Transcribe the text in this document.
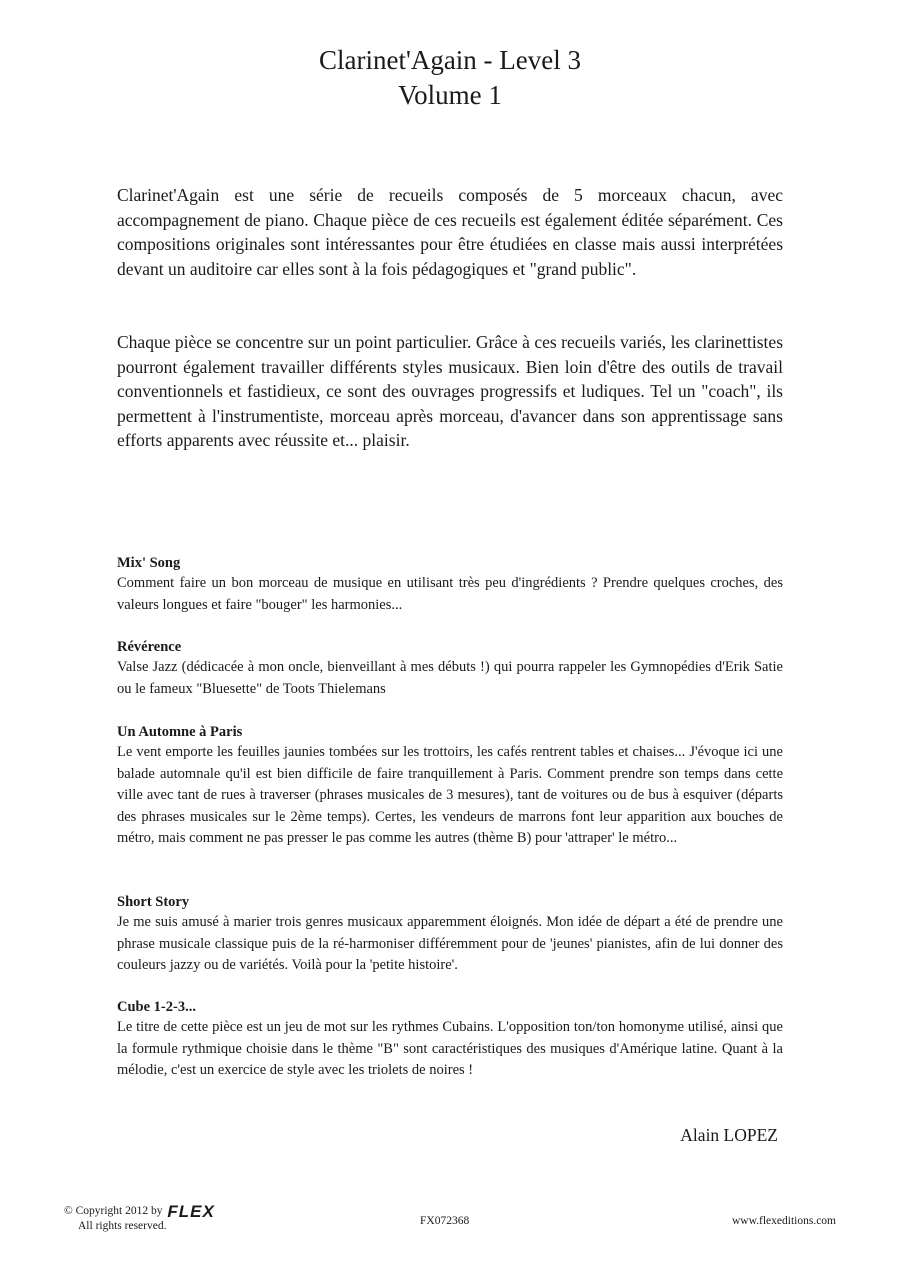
Clarinet'Again - Level 3
Volume 1

Clarinet'Again est une série de recueils composés de 5 morceaux chacun, avec accompagnement de piano. Chaque pièce de ces recueils est également éditée séparément. Ces compositions originales sont intéressantes pour être étudiées en classe mais aussi interprétées devant un auditoire car elles sont à la fois pédagogiques et "grand public".

Chaque pièce se concentre sur un point particulier. Grâce à ces recueils variés, les clarinettistes pourront également travailler différents styles musicaux. Bien loin d'être des outils de travail conventionnels et fastidieux, ce sont des ouvrages progressifs et ludiques. Tel un "coach", ils permettent à l'instrumentiste, morceau après morceau, d'avancer dans son apprentissage sans efforts apparents avec réussite et... plaisir.

Mix' Song

Comment faire un bon morceau de musique en utilisant très peu d'ingrédients ? Prendre quelques croches, des valeurs longues et faire "bouger" les harmonies...

Révérence

Valse Jazz (dédicacée à mon oncle, bienveillant à mes débuts !) qui pourra rappeler les Gymnopédies d'Erik Satie ou le fameux "Bluesette" de Toots Thielemans

Un Automne à Paris

Le vent emporte les feuilles jaunies tombées sur les trottoirs, les cafés rentrent tables et chaises... J'évoque ici une balade automnale qu'il est bien difficile de faire tranquillement à Paris. Comment prendre son temps dans cette ville avec tant de rues à traverser (phrases musicales de 3 mesures), tant de voitures ou de bus à esquiver (départs des phrases musicales sur le 2ème temps). Certes, les vendeurs de marrons font leur apparition aux bouches de métro, mais comment ne pas presser le pas comme les autres (thème B) pour 'attraper' le métro...

Short Story

Je me suis amusé à marier trois genres musicaux apparemment éloignés. Mon idée de départ a été de prendre une phrase musicale classique puis de la ré-harmoniser différemment pour de 'jeunes' pianistes, afin de lui donner des couleurs jazzy ou de variétés. Voilà pour la 'petite histoire'.

Cube 1-2-3...

Le titre de cette pièce est un jeu de mot sur les rythmes Cubains. L'opposition ton/ton homonyme utilisé, ainsi que la formule rythmique choisie dans le thème "B" sont caractéristiques des musiques d'Amérique latine. Quant à la mélodie, c'est un exercice de style avec les triolets de noires !

Alain LOPEZ
© Copyright 2012 by FLEX
All rights reserved.	FX072368	www.flexeditions.com
